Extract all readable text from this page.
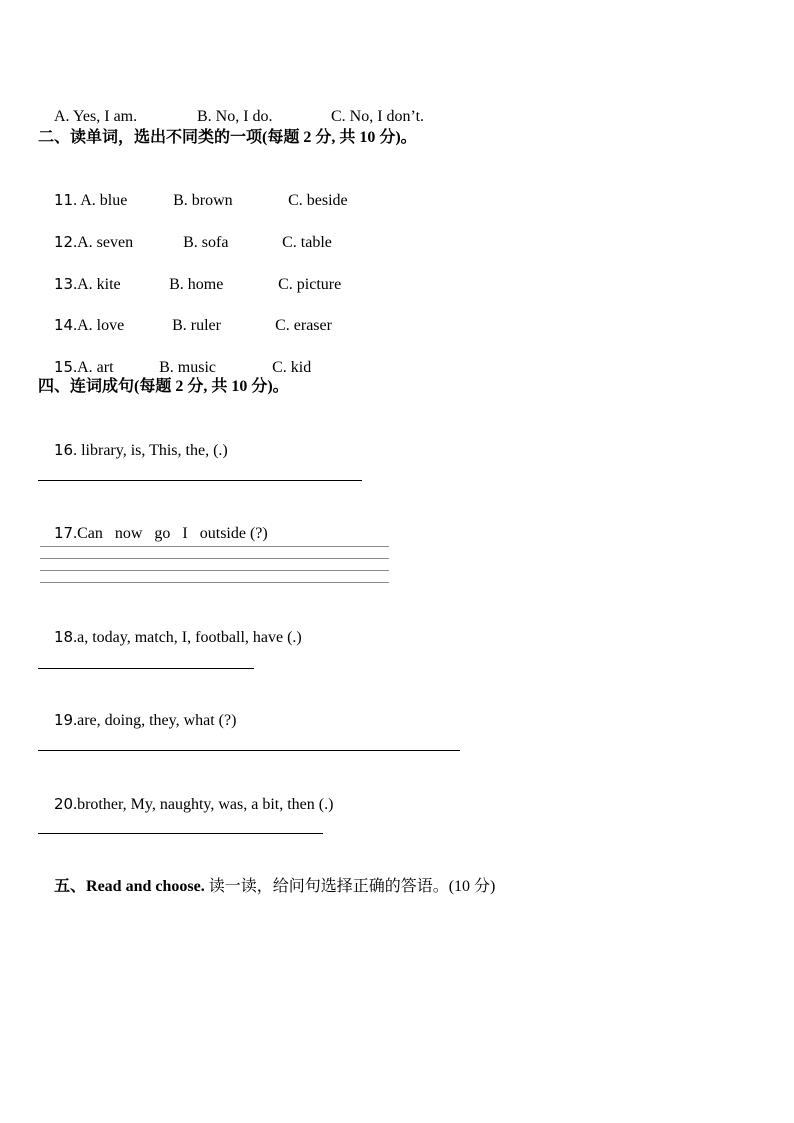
A. Yes, I am.	B. No, I do.	C. No, I don’t.

二、读单词，选出不同类的一项(每题 2 分, 共 10 分)。

11. A. blue	B. brown	C. beside

12.A. seven	B. sofa	C. table

13.A. kite	B. home	C. picture

14.A. love	B. ruler	C. eraser

15.A. art	B. music	C. kid

四、连词成句(每题 2 分, 共 10 分)。

16. library, is, This, the, (.)

17.Can   now   go   I   outside (?)

18.a, today, match, I, football, have (.)

19.are, doing, they, what (?)

20.brother, My, naughty, was, a bit, then (.)

五、Read and choose. 读一读，给问句选择正确的答语。(10 分)
